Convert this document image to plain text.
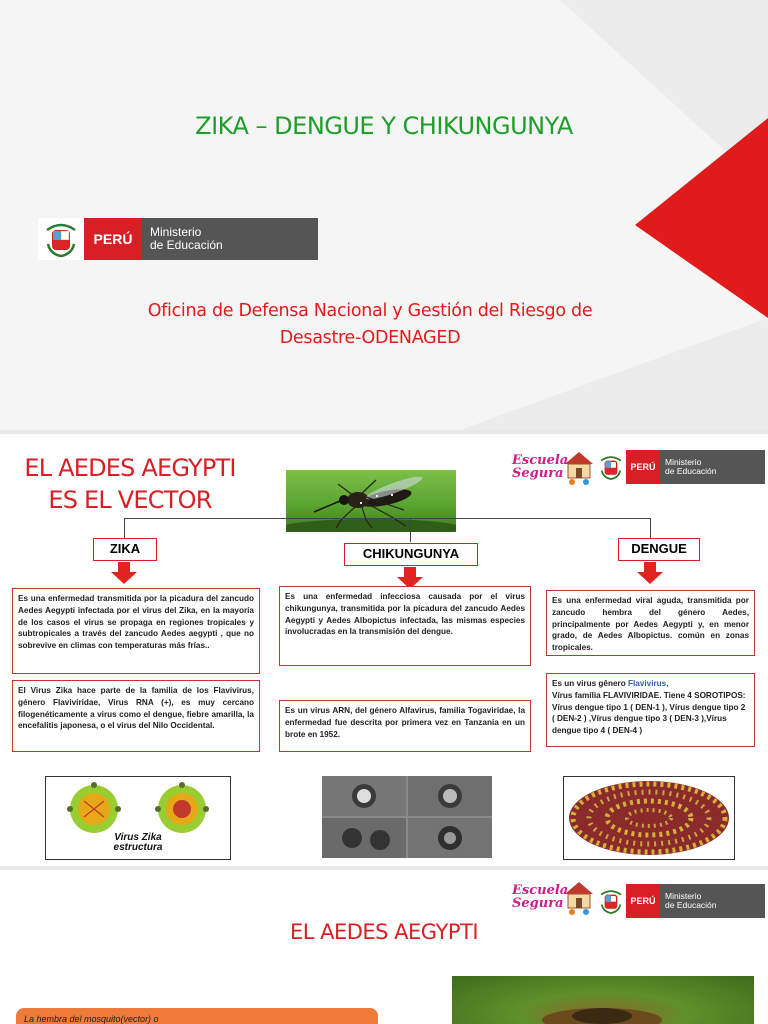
ZIKA – DENGUE Y CHIKUNGUNYA
PERÚ	Ministerio
de Educación
Oficina de Defensa Nacional y Gestión del Riesgo de Desastre-ODENAGED
EL AEDES AEGYPTI ES EL VECTOR
Escuela
Segura	PERÚ
Ministerio
de Educación
ZIKA	CHIKUNGUNYA	DENGUE
Es una enfermedad transmitida por la picadura del zancudo Aedes Aegypti infectada por el virus del Zika, en la mayoría de los casos el virus se propaga en regiones tropicales y subtropicales a través del zancudo Aedes aegypti , que no sobrevive en climas con temperaturas más frías..
El Virus Zika hace parte de la familia de los Flavivirus, género Flaviviridae, Virus RNA (+), es muy cercano filogenéticamente a virus como el dengue, fiebre amarilla, la encefalitis japonesa, o el virus del Nilo Occidental.
Es una enfermedad infecciosa causada por el virus chikungunya, transmitida por la picadura del zancudo Aedes Aegypti y Aedes Albopictus infectada, las mismas especies involucradas en la transmisión del dengue.
Es un virus ARN, del género Alfavirus, familia Togaviridae, la enfermedad fue descrita por primera vez en Tanzania en un brote en 1952.
Es una enfermedad viral aguda, transmitida por zancudo hembra del género Aedes, principalmente por Aedes Aegypti y, en menor grado, de Aedes Albopictus. común en zonas tropicales.
Es un virus gênero Flavivirus,
Vírus família FLAVIVIRIDAE. Tiene 4 SOROTIPOS: Vírus dengue tipo 1 ( DEN-1 ), Vírus dengue tipo 2 ( DEN-2 ) ,Vírus dengue tipo 3 ( DEN-3 ),Vírus dengue tipo 4 ( DEN-4 )
Virus Zika
estructura
Escuela
Segura	PERÚ
Ministerio
de Educación
EL AEDES AEGYPTI
La hembra del mosquito(vector) o
